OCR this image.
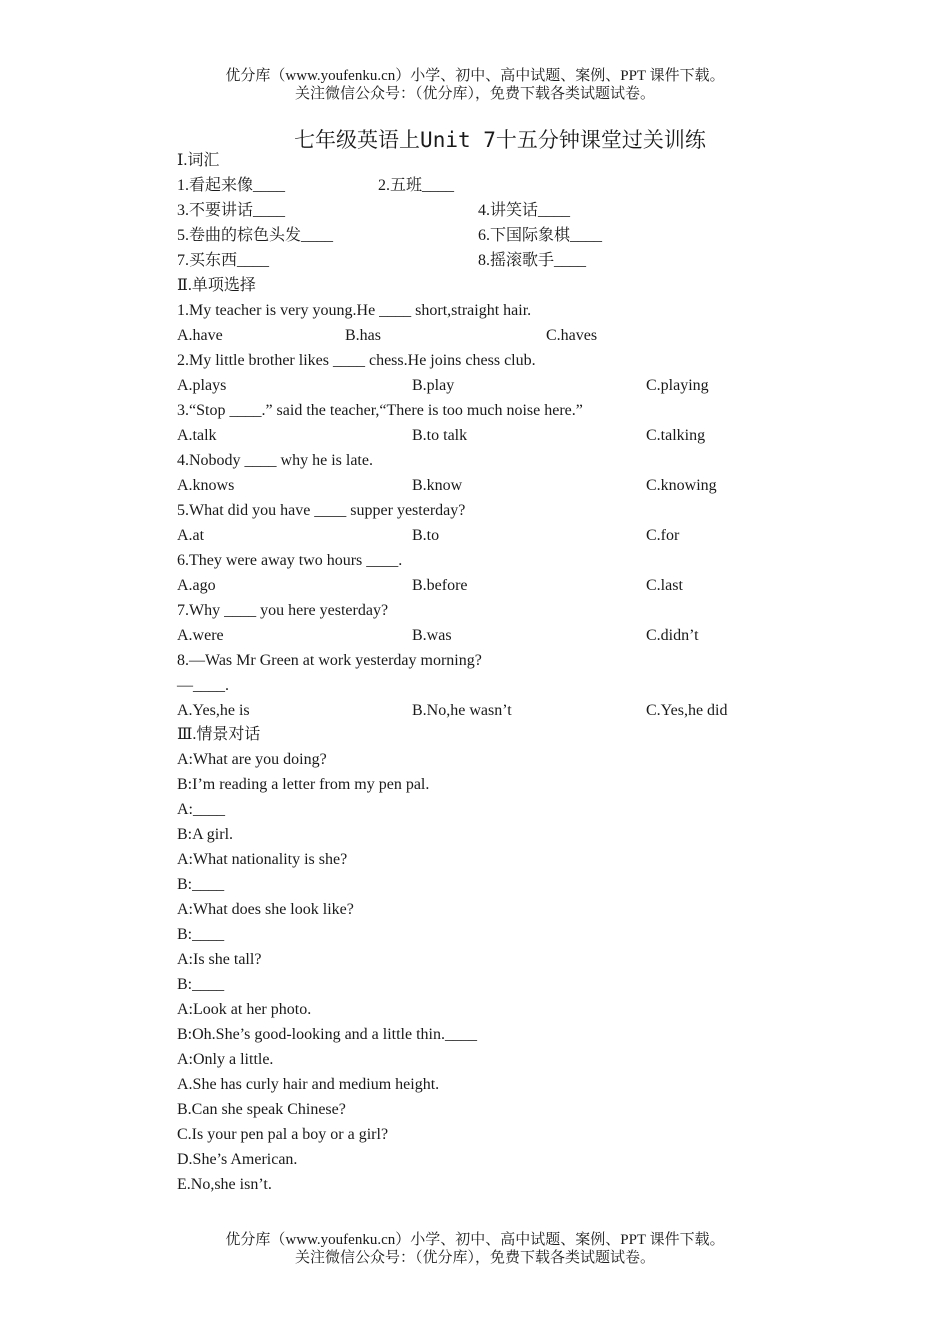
优分库（www.youfenku.cn）小学、初中、高中试题、案例、PPT 课件下载。
关注微信公众号：（优分库），免费下载各类试题试卷。
七年级英语上Unit 7十五分钟课堂过关训练
Ⅰ.词汇
1.看起来像____	2.五班____
3.不要讲话____	4.讲笑话____
5.卷曲的棕色头发____	6.下国际象棋____
7.买东西____	8.摇滚歌手____
Ⅱ.单项选择
1.My teacher is very young.He ____ short,straight hair.
A.have	B.has	C.haves
2.My little brother likes ____ chess.He joins chess club.
A.plays	B.play	C.playing
3.“Stop ____.” said the teacher,“There is too much noise here.”
A.talk	B.to talk	C.talking
4.Nobody ____ why he is late.
A.knows	B.know	C.knowing
5.What did you have ____ supper yesterday?
A.at	B.to	C.for
6.They were away two hours ____.
A.ago	B.before	C.last
7.Why ____ you here yesterday?
A.were	B.was	C.didn’t
8.—Was Mr Green at work yesterday morning?
—____.
A.Yes,he is	B.No,he wasn’t	C.Yes,he did
Ⅲ.情景对话
A:What are you doing?
B:I’m reading a letter from my pen pal.
A:____
B:A girl.
A:What nationality is she?
B:____
A:What does she look like?
B:____
A:Is she tall?
B:____
A:Look at her photo.
B:Oh.She’s good-looking and a little thin.____
A:Only a little.
A.She has curly hair and medium height.
B.Can she speak Chinese?
C.Is your pen pal a boy or a girl?
D.She’s American.
E.No,she isn’t.
优分库（www.youfenku.cn）小学、初中、高中试题、案例、PPT 课件下载。
关注微信公众号：（优分库），免费下载各类试题试卷。
